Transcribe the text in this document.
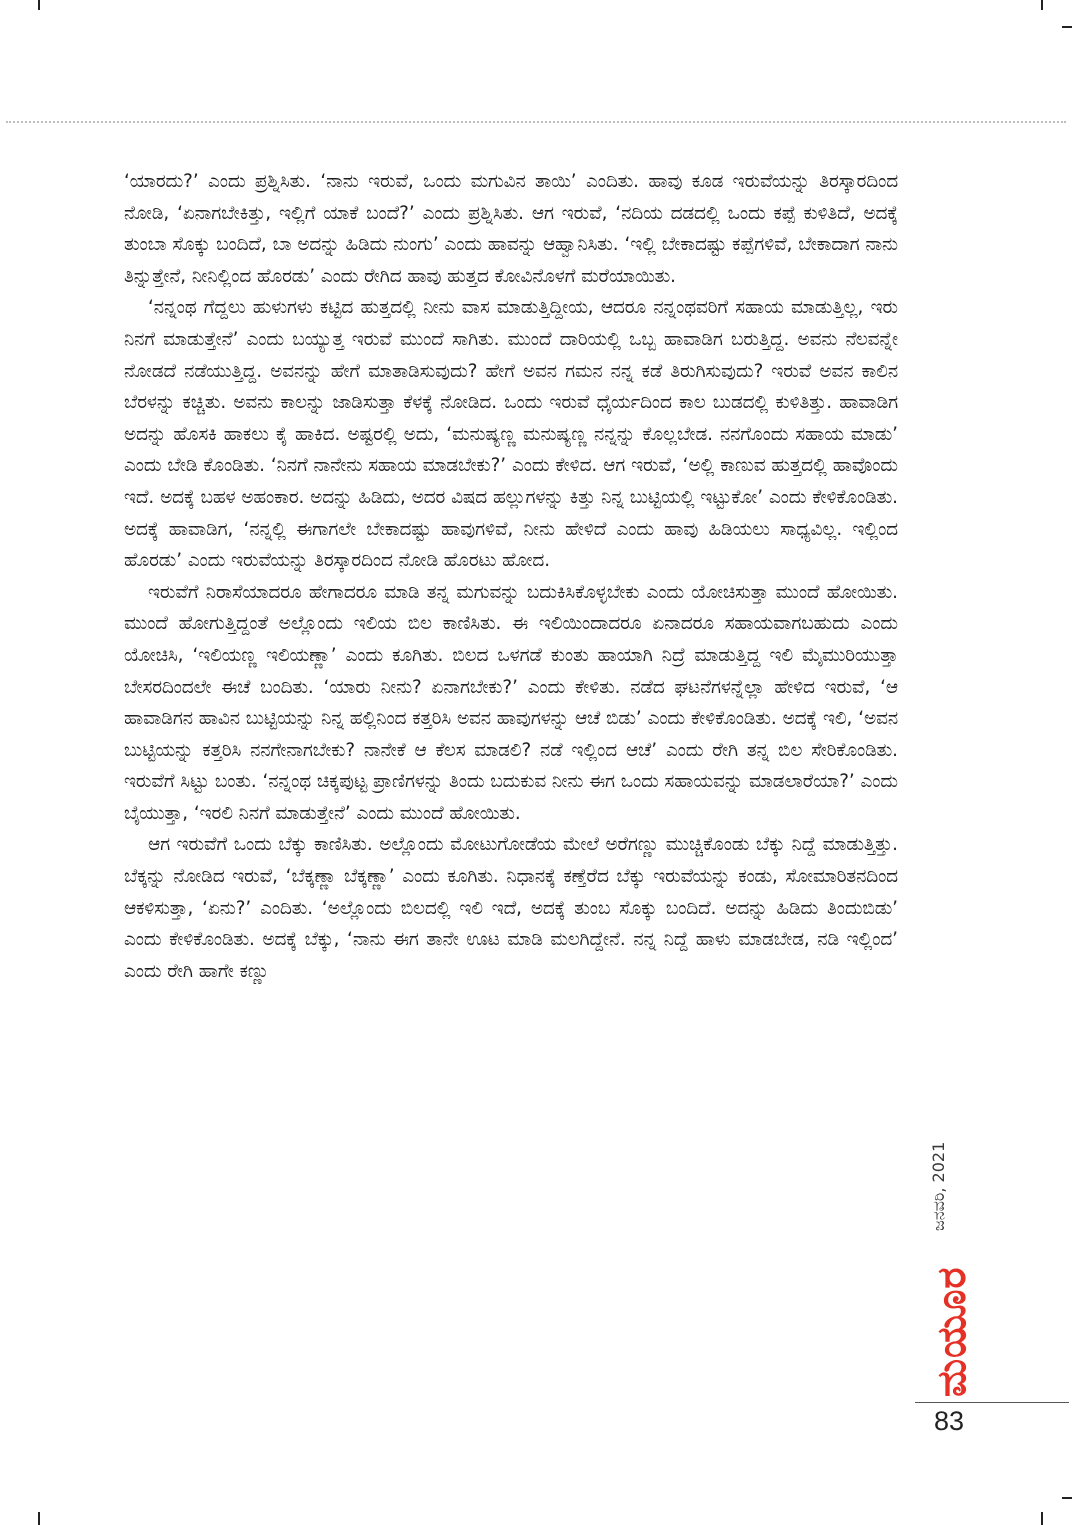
‘ಯಾರದು?’ ಎಂದು ಪ್ರಶ್ನಿಸಿತು. ‘ನಾನು ಇರುವೆ, ಒಂದು ಮಗುವಿನ ತಾಯಿ’ ಎಂದಿತು. ಹಾವು ಕೂಡ ಇರುವೆಯನ್ನು ತಿರಸ್ಕಾರದಿಂದ ನೋಡಿ, ‘ಏನಾಗಬೇಕಿತ್ತು, ಇಲ್ಲಿಗೆ ಯಾಕೆ ಬಂದೆ?’ ಎಂದು ಪ್ರಶ್ನಿಸಿತು. ಆಗ ಇರುವೆ, ‘ನದಿಯ ದಡದಲ್ಲಿ ಒಂದು ಕಪ್ಪೆ ಕುಳಿತಿದೆ, ಅದಕ್ಕೆ ತುಂಬಾ ಸೊಕ್ಕು ಬಂದಿದೆ, ಬಾ ಅದನ್ನು ಹಿಡಿದು ನುಂಗು’ ಎಂದು ಹಾವನ್ನು ಆಹ್ವಾನಿಸಿತು. ‘ಇಲ್ಲಿ ಬೇಕಾದಷ್ಟು ಕಪ್ಪೆಗಳಿವೆ, ಬೇಕಾದಾಗ ನಾನು ತಿನ್ನುತ್ತೇನೆ, ನೀನಿಲ್ಲಿಂದ ಹೊರಡು’ ಎಂದು ರೇಗಿದ ಹಾವು ಹುತ್ತದ ಕೋವಿನೊಳಗೆ ಮರೆಯಾಯಿತು.

‘ನನ್ನಂಥ ಗೆದ್ದಲು ಹುಳುಗಳು ಕಟ್ಟಿದ ಹುತ್ತದಲ್ಲಿ ನೀನು ವಾಸ ಮಾಡುತ್ತಿದ್ದೀಯ, ಆದರೂ ನನ್ನಂಥವರಿಗೆ ಸಹಾಯ ಮಾಡುತ್ತಿಲ್ಲ, ಇರು ನಿನಗೆ ಮಾಡುತ್ತೇನೆ’ ಎಂದು ಬಯ್ಯುತ್ತ ಇರುವೆ ಮುಂದೆ ಸಾಗಿತು. ಮುಂದೆ ದಾರಿಯಲ್ಲಿ ಒಬ್ಬ ಹಾವಾಡಿಗ ಬರುತ್ತಿದ್ದ. ಅವನು ನೆಲವನ್ನೇ ನೋಡದೆ ನಡೆಯುತ್ತಿದ್ದ. ಅವನನ್ನು ಹೇಗೆ ಮಾತಾಡಿಸುವುದು? ಹೇಗೆ ಅವನ ಗಮನ ನನ್ನ ಕಡೆ ತಿರುಗಿಸುವುದು? ಇರುವೆ ಅವನ ಕಾಲಿನ ಬೆರಳನ್ನು ಕಚ್ಚಿತು. ಅವನು ಕಾಲನ್ನು ಜಾಡಿಸುತ್ತಾ ಕೆಳಕ್ಕೆ ನೋಡಿದ. ಒಂದು ಇರುವೆ ಧೈರ್ಯದಿಂದ ಕಾಲ ಬುಡದಲ್ಲಿ ಕುಳಿತಿತ್ತು. ಹಾವಾಡಿಗ ಅದನ್ನು ಹೊಸಕಿ ಹಾಕಲು ಕೈ ಹಾಕಿದ. ಅಷ್ಟರಲ್ಲಿ ಅದು, ‘ಮನುಷ್ಯಣ್ಣ ಮನುಷ್ಯಣ್ಣ ನನ್ನನ್ನು ಕೊಲ್ಲಬೇಡ. ನನಗೊಂದು ಸಹಾಯ ಮಾಡು’ ಎಂದು ಬೇಡಿ ಕೊಂಡಿತು. ‘ನಿನಗೆ ನಾನೇನು ಸಹಾಯ ಮಾಡಬೇಕು?’ ಎಂದು ಕೇಳಿದ. ಆಗ ಇರುವೆ, ‘ಅಲ್ಲಿ ಕಾಣುವ ಹುತ್ತದಲ್ಲಿ ಹಾವೊಂದು ಇದೆ. ಅದಕ್ಕೆ ಬಹಳ ಅಹಂಕಾರ. ಅದನ್ನು ಹಿಡಿದು, ಅದರ ವಿಷದ ಹಲ್ಲುಗಳನ್ನು ಕಿತ್ತು ನಿನ್ನ ಬುಟ್ಟಿಯಲ್ಲಿ ಇಟ್ಟುಕೋ’ ಎಂದು ಕೇಳಿಕೊಂಡಿತು. ಅದಕ್ಕೆ ಹಾವಾಡಿಗ, ‘ನನ್ನಲ್ಲಿ ಈಗಾಗಲೇ ಬೇಕಾದಷ್ಟು ಹಾವುಗಳಿವೆ, ನೀನು ಹೇಳಿದೆ ಎಂದು ಹಾವು ಹಿಡಿಯಲು ಸಾಧ್ಯವಿಲ್ಲ. ಇಲ್ಲಿಂದ ಹೊರಡು’ ಎಂದು ಇರುವೆಯನ್ನು ತಿರಸ್ಕಾರದಿಂದ ನೋಡಿ ಹೊರಟು ಹೋದ.

ಇರುವೆಗೆ ನಿರಾಸೆಯಾದರೂ ಹೇಗಾದರೂ ಮಾಡಿ ತನ್ನ ಮಗುವನ್ನು ಬದುಕಿಸಿಕೊಳ್ಳಬೇಕು ಎಂದು ಯೋಚಿಸುತ್ತಾ ಮುಂದೆ ಹೋಯಿತು. ಮುಂದೆ ಹೋಗುತ್ತಿದ್ದಂತೆ ಅಲ್ಲೊಂದು ಇಲಿಯ ಬಿಲ ಕಾಣಿಸಿತು. ಈ ಇಲಿಯಿಂದಾದರೂ ಏನಾದರೂ ಸಹಾಯವಾಗಬಹುದು ಎಂದು ಯೋಚಿಸಿ, ‘ಇಲಿಯಣ್ಣ ಇಲಿಯಣ್ಣಾ’ ಎಂದು ಕೂಗಿತು. ಬಿಲದ ಒಳಗಡೆ ಕುಂತು ಹಾಯಾಗಿ ನಿದ್ರೆ ಮಾಡುತ್ತಿದ್ದ ಇಲಿ ಮೈಮುರಿಯುತ್ತಾ ಬೇಸರದಿಂದಲೇ ಈಚೆ ಬಂದಿತು. ‘ಯಾರು ನೀನು? ಏನಾಗಬೇಕು?’ ಎಂದು ಕೇಳಿತು. ನಡೆದ ಘಟನೆಗಳನ್ನೆಲ್ಲಾ ಹೇಳಿದ ಇರುವೆ, ‘ಆ ಹಾವಾಡಿಗನ ಹಾವಿನ ಬುಟ್ಟಿಯನ್ನು ನಿನ್ನ ಹಲ್ಲಿನಿಂದ ಕತ್ತರಿಸಿ ಅವನ ಹಾವುಗಳನ್ನು ಆಚೆ ಬಿಡು’ ಎಂದು ಕೇಳಿಕೊಂಡಿತು. ಅದಕ್ಕೆ ಇಲಿ, ‘ಅವನ ಬುಟ್ಟಿಯನ್ನು ಕತ್ತರಿಸಿ ನನಗೇನಾಗಬೇಕು? ನಾನೇಕೆ ಆ ಕೆಲಸ ಮಾಡಲಿ? ನಡೆ ಇಲ್ಲಿಂದ ಆಚೆ’ ಎಂದು ರೇಗಿ ತನ್ನ ಬಿಲ ಸೇರಿಕೊಂಡಿತು. ಇರುವೆಗೆ ಸಿಟ್ಟು ಬಂತು. ‘ನನ್ನಂಥ ಚಿಕ್ಕಪುಟ್ಟ ಪ್ರಾಣಿಗಳನ್ನು ತಿಂದು ಬದುಕುವ ನೀನು ಈಗ ಒಂದು ಸಹಾಯವನ್ನು ಮಾಡಲಾರೆಯಾ?’ ಎಂದು ಬೈಯುತ್ತಾ, ‘ಇರಲಿ ನಿನಗೆ ಮಾಡುತ್ತೇನೆ’ ಎಂದು ಮುಂದೆ ಹೋಯಿತು.

ಆಗ ಇರುವೆಗೆ ಒಂದು ಬೆಕ್ಕು ಕಾಣಿಸಿತು. ಅಲ್ಲೊಂದು ಮೋಟುಗೋಡೆಯ ಮೇಲೆ ಅರೆಗಣ್ಣು ಮುಚ್ಚಿಕೊಂಡು ಬೆಕ್ಕು ನಿದ್ದೆ ಮಾಡುತ್ತಿತ್ತು. ಬೆಕ್ಕನ್ನು ನೋಡಿದ ಇರುವೆ, ‘ಬೆಕ್ಕಣ್ಣಾ ಬೆಕ್ಕಣ್ಣಾ’ ಎಂದು ಕೂಗಿತು. ನಿಧಾನಕ್ಕೆ ಕಣ್ತೆರೆದ ಬೆಕ್ಕು ಇರುವೆಯನ್ನು ಕಂಡು, ಸೋಮಾರಿತನದಿಂದ ಆಕಳಿಸುತ್ತಾ, ‘ಏನು?’ ಎಂದಿತು. ‘ಅಲ್ಲೊಂದು ಬಿಲದಲ್ಲಿ ಇಲಿ ಇದೆ, ಅದಕ್ಕೆ ತುಂಬ ಸೊಕ್ಕು ಬಂದಿದೆ. ಅದನ್ನು ಹಿಡಿದು ತಿಂದುಬಿಡು’ ಎಂದು ಕೇಳಿಕೊಂಡಿತು. ಅದಕ್ಕೆ ಬೆಕ್ಕು, ‘ನಾನು ಈಗ ತಾನೇ ಊಟ ಮಾಡಿ ಮಲಗಿದ್ದೇನೆ. ನನ್ನ ನಿದ್ದೆ ಹಾಳು ಮಾಡಬೇಡ, ನಡಿ ಇಲ್ಲಿಂದ’ ಎಂದು ರೇಗಿ ಹಾಗೇ ಕಣ್ಣು

ಜನವರಿ, 2021
ಮಯೂರ
83
